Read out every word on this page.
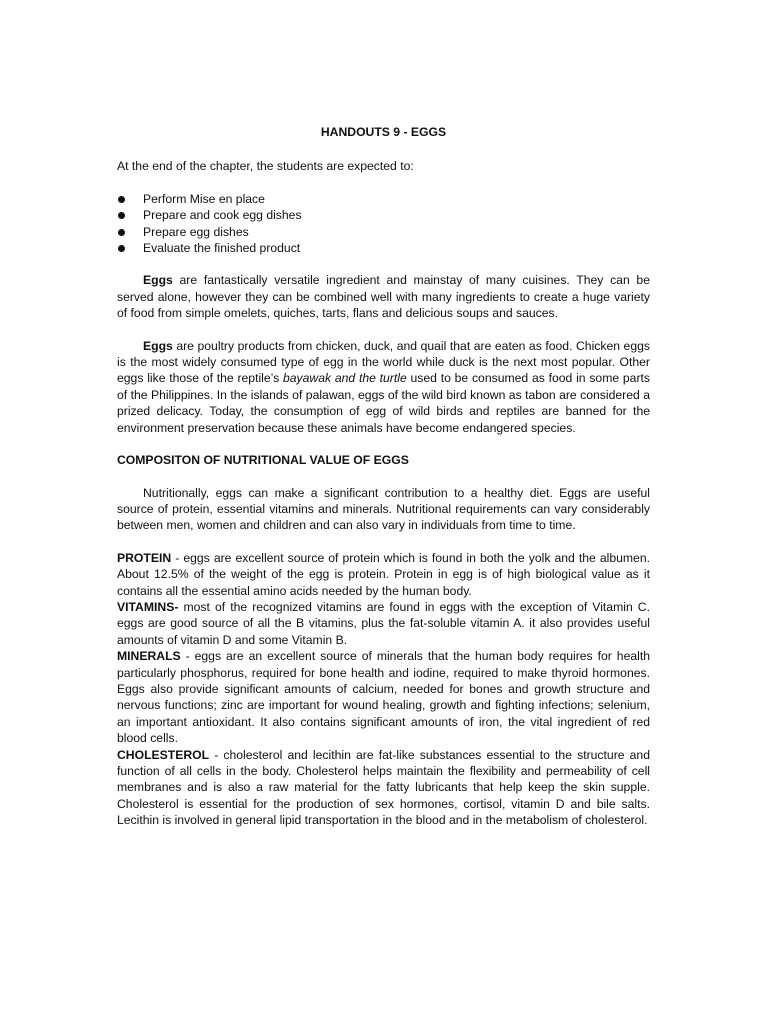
HANDOUTS 9 - EGGS

At the end of the chapter, the students are expected to:

Perform Mise en place
Prepare and cook egg dishes
Prepare egg dishes
Evaluate the finished product

Eggs are fantastically versatile ingredient and mainstay of many cuisines. They can be served alone, however they can be combined well with many ingredients to create a huge variety of food from simple omelets, quiches, tarts, flans and delicious soups and sauces.

Eggs are poultry products from chicken, duck, and quail that are eaten as food. Chicken eggs is the most widely consumed type of egg in the world while duck is the next most popular. Other eggs like those of the reptile’s bayawak and the turtle used to be consumed as food in some parts of the Philippines. In the islands of palawan, eggs of the wild bird known as tabon are considered a prized delicacy. Today, the consumption of egg of wild birds and reptiles are banned for the environment preservation because these animals have become endangered species.

COMPOSITON OF NUTRITIONAL VALUE OF EGGS

Nutritionally, eggs can make a significant contribution to a healthy diet. Eggs are useful source of protein, essential vitamins and minerals. Nutritional requirements can vary considerably between men, women and children and can also vary in individuals from time to time.

PROTEIN - eggs are excellent source of protein which is found in both the yolk and the albumen. About 12.5% of the weight of the egg is protein. Protein in egg is of high biological value as it contains all the essential amino acids needed by the human body.

VITAMINS- most of the recognized vitamins are found in eggs with the exception of Vitamin C. eggs are good source of all the B vitamins, plus the fat-soluble vitamin A. it also provides useful amounts of vitamin D and some Vitamin B.

MINERALS - eggs are an excellent source of minerals that the human body requires for health particularly phosphorus, required for bone health and iodine, required to make thyroid hormones. Eggs also provide significant amounts of calcium, needed for bones and growth structure and nervous functions; zinc are important for wound healing, growth and fighting infections; selenium, an important antioxidant. It also contains significant amounts of iron, the vital ingredient of red blood cells.

CHOLESTEROL - cholesterol and lecithin are fat-like substances essential to the structure and function of all cells in the body. Cholesterol helps maintain the flexibility and permeability of cell membranes and is also a raw material for the fatty lubricants that help keep the skin supple. Cholesterol is essential for the production of sex hormones, cortisol, vitamin D and bile salts. Lecithin is involved in general lipid transportation in the blood and in the metabolism of cholesterol.
